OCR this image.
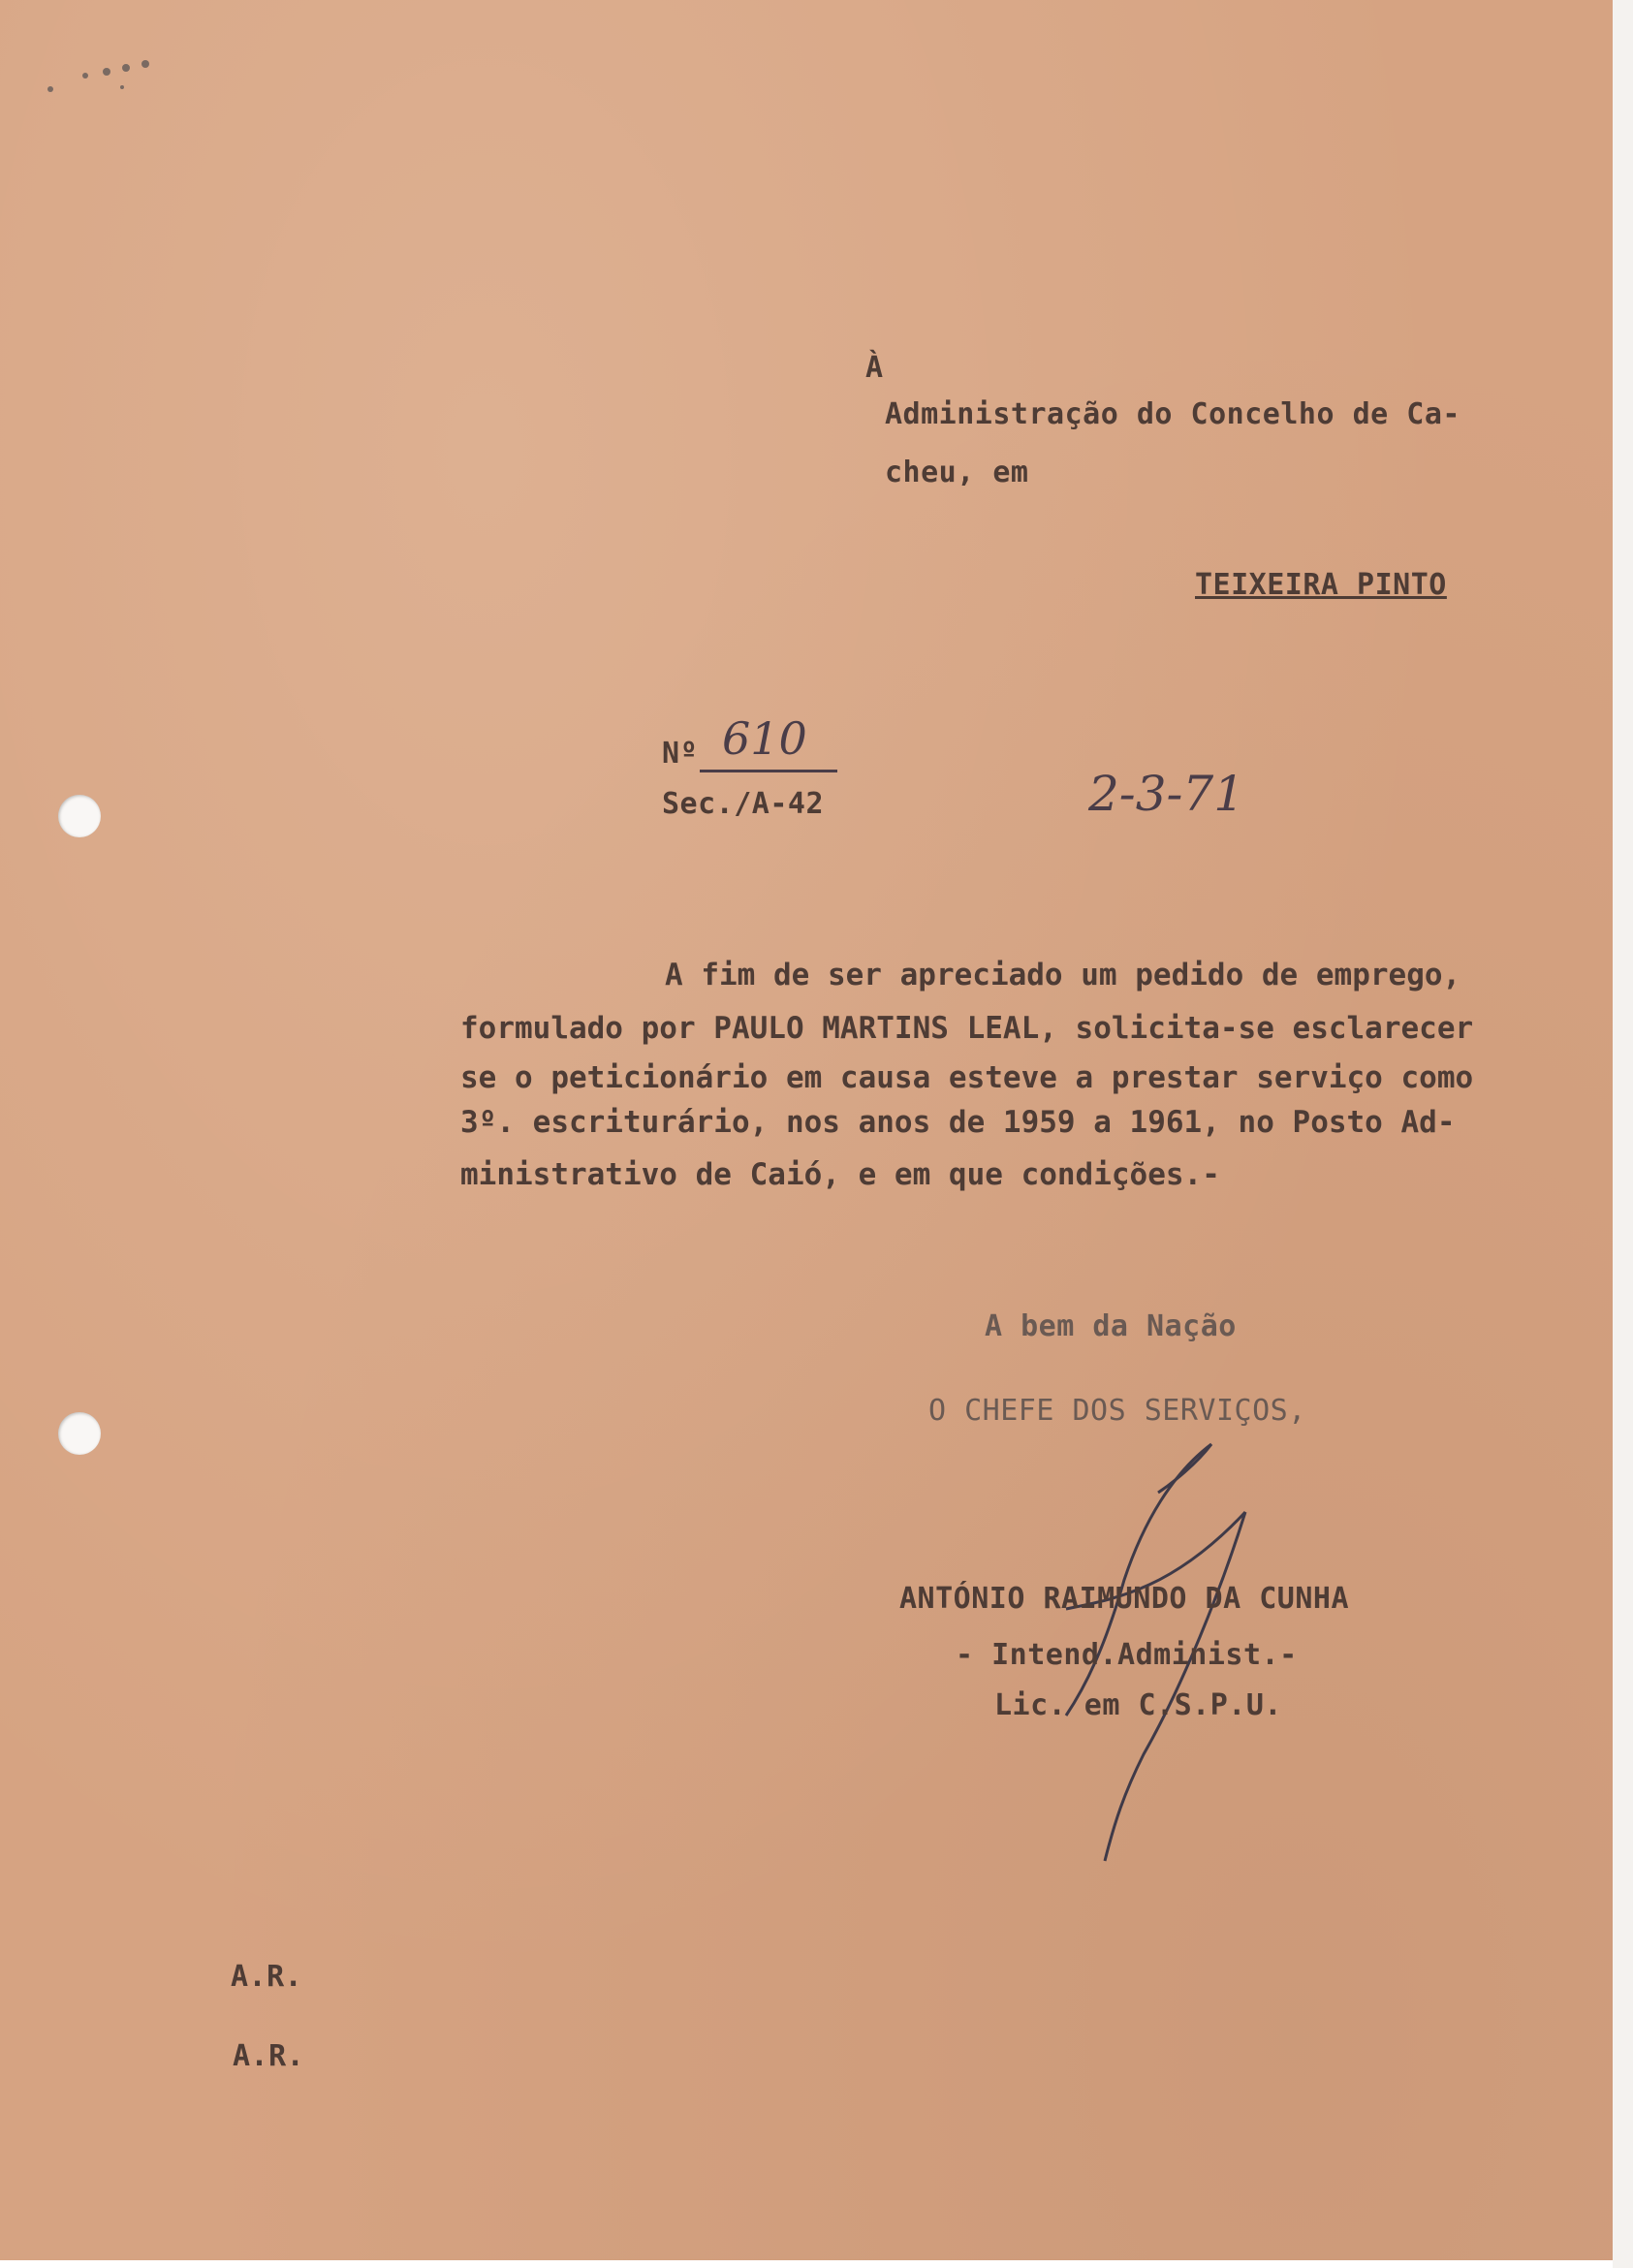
À
Administração do Concelho de Ca-
cheu, em
TEIXEIRA PINTO
Nº 610
Sec./A-42	2-3-71
A fim de ser apreciado um pedido de emprego,
formulado por PAULO MARTINS LEAL, solicita-se esclarecer
se o peticionário em causa esteve a prestar serviço como
3º. escriturário, nos anos de 1959 a 1961, no Posto Ad-
ministrativo de Caió, e em que condições.-
A bem da Nação
O CHEFE DOS SERVIÇOS,
ANTÓNIO RAIMUNDO DA CUNHA
- Intend.Administ.-
Lic. em C.S.P.U.
A.R.
A.R.
